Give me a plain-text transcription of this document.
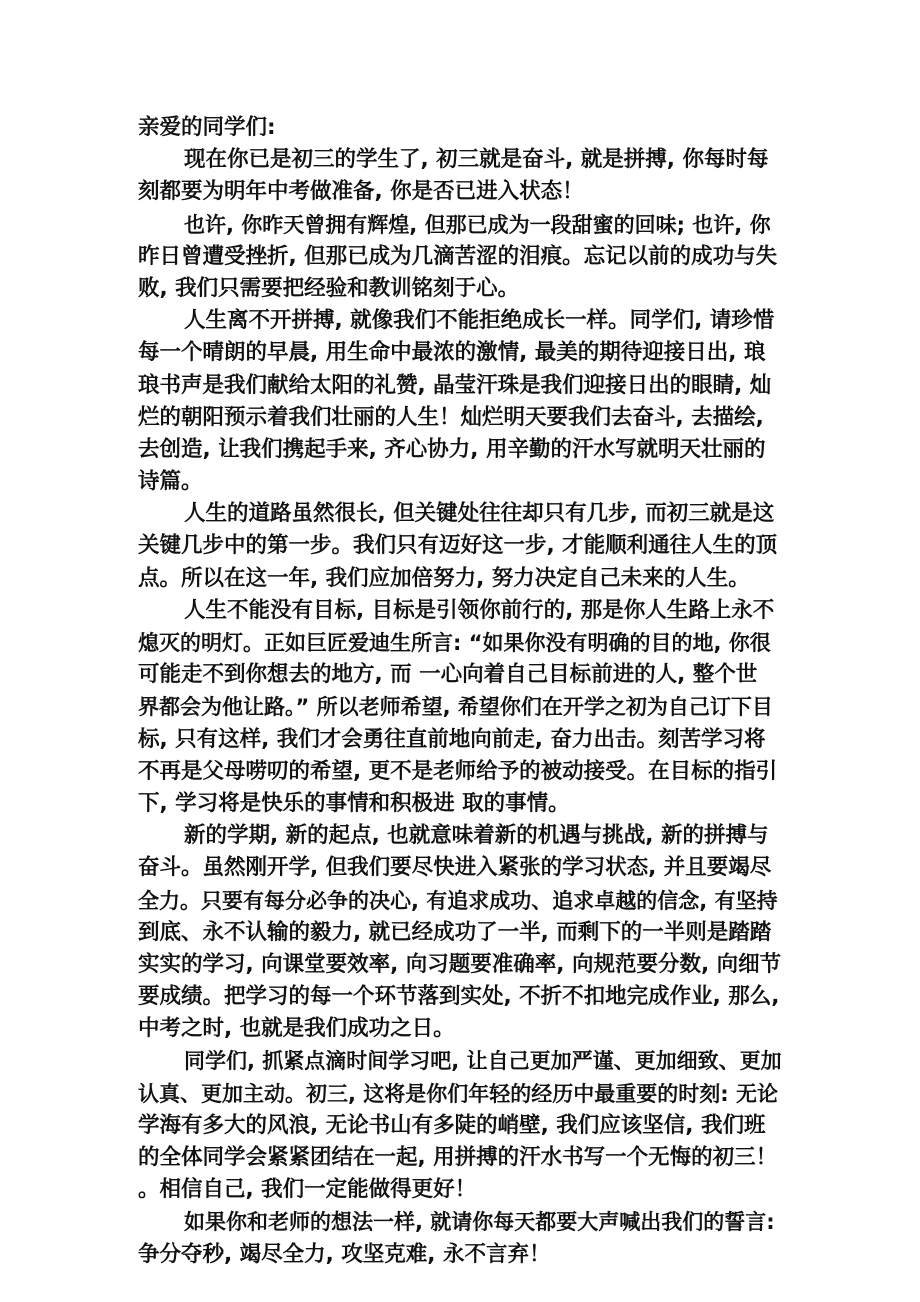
亲爱的同学们:
现在你已是初三的学生了, 初三就是奋斗, 就是拼搏, 你每时每
刻都要为明年中考做准备, 你是否已进入状态！
也许, 你昨天曾拥有辉煌, 但那已成为一段甜蜜的回味; 也许, 你
昨日曾遭受挫折, 但那已成为几滴苦涩的泪痕。忘记以前的成功与失
败, 我们只需要把经验和教训铭刻于心。
人生离不开拼搏, 就像我们不能拒绝成长一样。同学们, 请珍惜
每一个晴朗的早晨, 用生命中最浓的激情, 最美的期待迎接日出, 琅
琅书声是我们献给太阳的礼赞, 晶莹汗珠是我们迎接日出的眼睛, 灿
烂的朝阳预示着我们壮丽的人生！灿烂明天要我们去奋斗, 去描绘,
去创造, 让我们携起手来, 齐心协力, 用辛勤的汗水写就明天壮丽的
诗篇。
人生的道路虽然很长, 但关键处往往却只有几步, 而初三就是这
关键几步中的第一步。我们只有迈好这一步, 才能顺利通往人生的顶
点。所以在这一年, 我们应加倍努力, 努力决定自己未来的人生。
人生不能没有目标, 目标是引领你前行的, 那是你人生路上永不
熄灭的明灯。正如巨匠爱迪生所言: “如果你没有明确的目的地, 你很
可能走不到你想去的地方, 而 一心向着自己目标前进的人, 整个世
界都会为他让路。” 所以老师希望, 希望你们在开学之初为自己订下目
标, 只有这样, 我们才会勇往直前地向前走, 奋力出击。刻苦学习将
不再是父母唠叨的希望, 更不是老师给予的被动接受。在目标的指引
下, 学习将是快乐的事情和积极进 取的事情。
新的学期, 新的起点, 也就意味着新的机遇与挑战, 新的拼搏与
奋斗。虽然刚开学, 但我们要尽快进入紧张的学习状态, 并且要竭尽
全力。只要有每分必争的决心, 有追求成功、追求卓越的信念, 有坚持
到底、永不认输的毅力, 就已经成功了一半, 而剩下的一半则是踏踏
实实的学习, 向课堂要效率, 向习题要准确率, 向规范要分数, 向细节
要成绩。把学习的每一个环节落到实处, 不折不扣地完成作业, 那么,
中考之时, 也就是我们成功之日。
同学们, 抓紧点滴时间学习吧, 让自己更加严谨、更加细致、更加
认真、更加主动。初三, 这将是你们年轻的经历中最重要的时刻: 无论
学海有多大的风浪, 无论书山有多陡的峭壁, 我们应该坚信, 我们班
的全体同学会紧紧团结在一起, 用拼搏的汗水书写一个无悔的初三！
。相信自己, 我们一定能做得更好！
如果你和老师的想法一样, 就请你每天都要大声喊出我们的誓言:
争分夺秒, 竭尽全力, 攻坚克难, 永不言弃！
